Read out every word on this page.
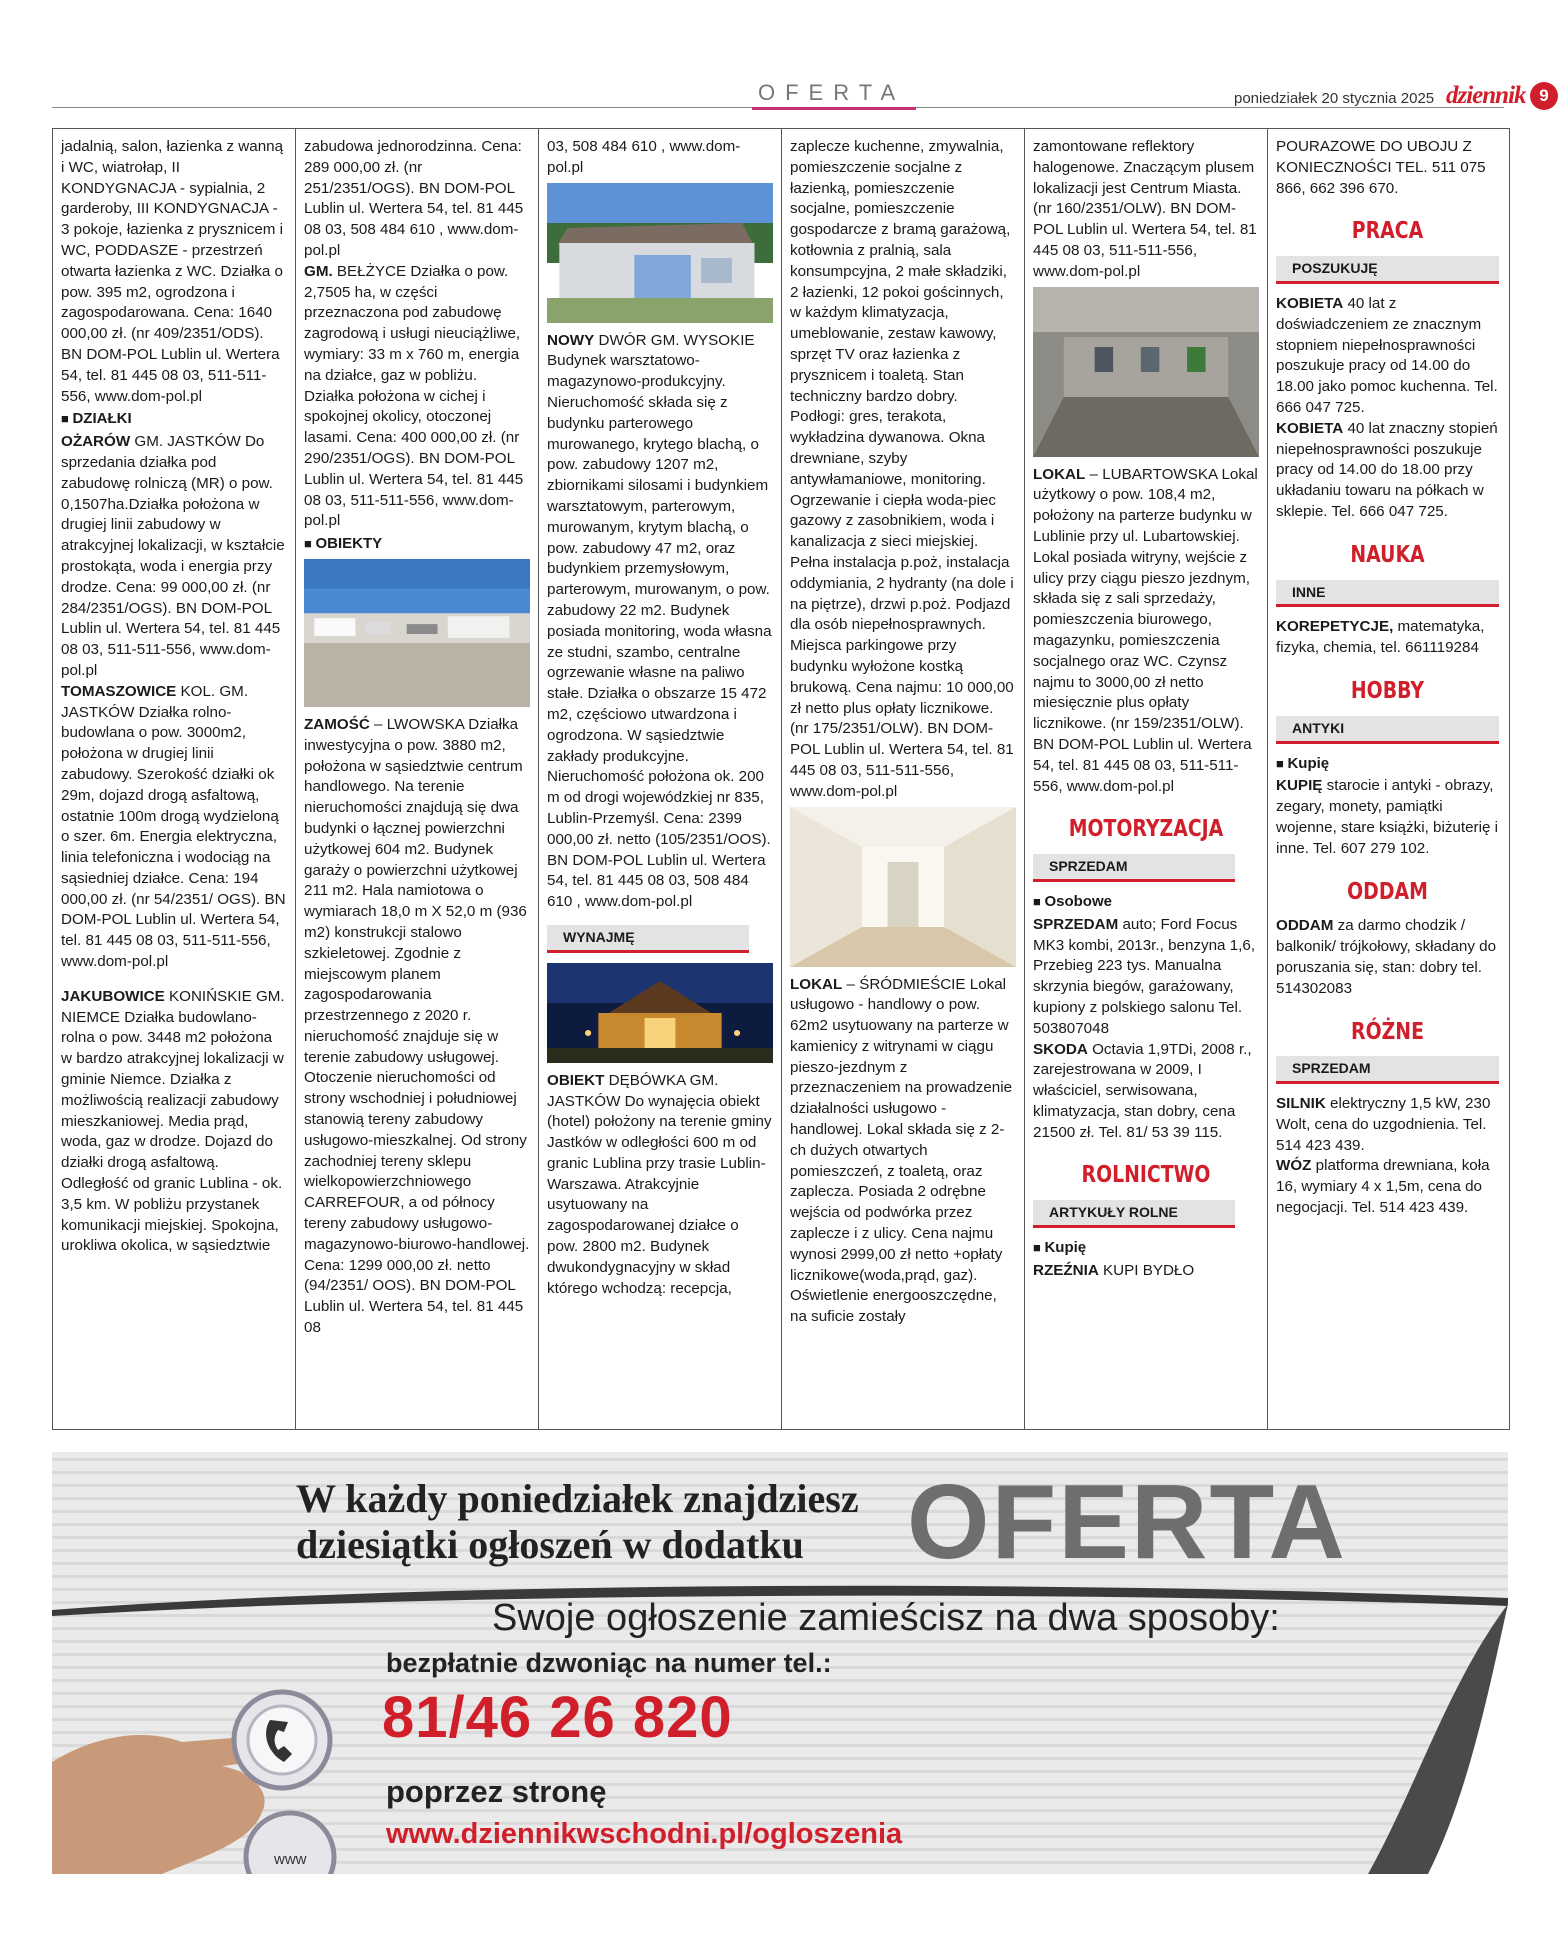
OFERTA	poniedziałek 20 stycznia 2025 dziennik 9

jadalnią, salon, łazienka z wanną i WC, wiatrołap, II KONDYGNACJA - sypialnia, 2 garderoby, III KONDYGNACJA - 3 pokoje, łazienka z prysznicem i WC, PODDASZE - przestrzeń otwarta łazienka z WC. Działka o pow. 395 m2, ogrodzona i zagospodarowana. Cena: 1640 000,00 zł. (nr 409/2351/ODS). BN DOM-POL Lublin ul. Wertera 54, tel. 81 445 08 03, 511-511-556, www.dom-pol.pl

■ DZIAŁKI

OŻARÓW GM. JASTKÓW Do sprzedania działka pod zabudowę rolniczą (MR) o pow. 0,1507ha.Działka położona w drugiej linii zabudowy w atrakcyjnej lokalizacji, w kształcie prostokąta, woda i energia przy drodze. Cena: 99 000,00 zł. (nr 284/2351/OGS). BN DOM-POL Lublin ul. Wertera 54, tel. 81 445 08 03, 511-511-556, www.dom-pol.pl

TOMASZOWICE KOL. GM. JASTKÓW Działka rolno-budowlana o pow. 3000m2, położona w drugiej linii zabudowy. Szerokość działki ok 29m, dojazd drogą asfaltową, ostatnie 100m drogą wydzieloną o szer. 6m. Energia elektryczna, linia telefoniczna i wodociąg na sąsiedniej działce. Cena: 194 000,00 zł. (nr 54/2351/ OGS). BN DOM-POL Lublin ul. Wertera 54, tel. 81 445 08 03, 511-511-556, www.dom-pol.pl

JAKUBOWICE KONIŃSKIE GM. NIEMCE Działka budowlano-rolna o pow. 3448 m2 położona w bardzo atrakcyjnej lokalizacji w gminie Niemce. Działka z możliwością realizacji zabudowy mieszkaniowej. Media prąd, woda, gaz w drodze. Dojazd do działki drogą asfaltową. Odległość od granic Lublina - ok. 3,5 km. W pobliżu przystanek komunikacji miejskiej. Spokojna, urokliwa okolica, w sąsiedztwie

zabudowa jednorodzinna. Cena: 289 000,00 zł. (nr 251/2351/OGS). BN DOM-POL Lublin ul. Wertera 54, tel. 81 445 08 03, 508 484 610 , www.dom-pol.pl

GM. BEŁŻYCE Działka o pow. 2,7505 ha, w części przeznaczona pod zabudowę zagrodową i usługi nieuciążliwe, wymiary: 33 m x 760 m, energia na działce, gaz w pobliżu. Działka położona w cichej i spokojnej okolicy, otoczonej lasami. Cena: 400 000,00 zł. (nr 290/2351/OGS). BN DOM-POL Lublin ul. Wertera 54, tel. 81 445 08 03, 511-511-556, www.dom-pol.pl

■ OBIEKTY

ZAMOŚĆ – LWOWSKA Działka inwestycyjna o pow. 3880 m2, położona w sąsiedztwie centrum handlowego. Na terenie nieruchomości znajdują się dwa budynki o łącznej powierzchni użytkowej 604 m2. Budynek garaży o powierzchni użytkowej 211 m2. Hala namiotowa o wymiarach 18,0 m X 52,0 m (936 m2) konstrukcji stalowo szkieletowej. Zgodnie z miejscowym planem zagospodarowania przestrzennego z 2020 r. nieruchomość znajduje się w terenie zabudowy usługowej. Otoczenie nieruchomości od strony wschodniej i południowej stanowią tereny zabudowy usługowo-mieszkalnej. Od strony zachodniej tereny sklepu wielkopowierzchniowego CARREFOUR, a od północy tereny zabudowy usługowo-magazynowo-biurowo-handlowej. Cena: 1299 000,00 zł. netto (94/2351/ OOS). BN DOM-POL Lublin ul. Wertera 54, tel. 81 445 08

03, 508 484 610 , www.dom-pol.pl

NOWY DWÓR GM. WYSOKIE Budynek warsztatowo-magazynowo-produkcyjny. Nieruchomość składa się z budynku parterowego murowanego, krytego blachą, o pow. zabudowy 1207 m2, zbiornikami silosami i budynkiem warsztatowym, parterowym, murowanym, krytym blachą, o pow. zabudowy 47 m2, oraz budynkiem przemysłowym, parterowym, murowanym, o pow. zabudowy 22 m2. Budynek posiada monitoring, woda własna ze studni, szambo, centralne ogrzewanie własne na paliwo stałe. Działka o obszarze 15 472 m2, częściowo utwardzona i ogrodzona. W sąsiedztwie zakłady produkcyjne. Nieruchomość położona ok. 200 m od drogi wojewódzkiej nr 835, Lublin-Przemyśl. Cena: 2399 000,00 zł. netto (105/2351/OOS). BN DOM-POL Lublin ul. Wertera 54, tel. 81 445 08 03, 508 484 610 , www.dom-pol.pl

WYNAJMĘ

OBIEKT DĘBÓWKA GM. JASTKÓW Do wynajęcia obiekt (hotel) położony na terenie gminy Jastków w odległości 600 m od granic Lublina przy trasie Lublin-Warszawa. Atrakcyjnie usytuowany na zagospodarowanej działce o pow. 2800 m2. Budynek dwukondygnacyjny w skład którego wchodzą: recepcja,

zaplecze kuchenne, zmywalnia, pomieszczenie socjalne z łazienką, pomieszczenie socjalne, pomieszczenie gospodarcze z bramą garażową, kotłownia z pralnią, sala konsumpcyjna, 2 małe składziki, 2 łazienki, 12 pokoi gościnnych, w każdym klimatyzacja, umeblowanie, zestaw kawowy, sprzęt TV oraz łazienka z prysznicem i toaletą. Stan techniczny bardzo dobry. Podłogi: gres, terakota, wykładzina dywanowa. Okna drewniane, szyby antywłamaniowe, monitoring. Ogrzewanie i ciepła woda-piec gazowy z zasobnikiem, woda i kanalizacja z sieci miejskiej. Pełna instalacja p.poż, instalacja oddymiania, 2 hydranty (na dole i na piętrze), drzwi p.poż. Podjazd dla osób niepełnosprawnych. Miejsca parkingowe przy budynku wyłożone kostką brukową. Cena najmu: 10 000,00 zł netto plus opłaty licznikowe. (nr 175/2351/OLW). BN DOM-POL Lublin ul. Wertera 54, tel. 81 445 08 03, 511-511-556, www.dom-pol.pl

LOKAL – ŚRÓDMIEŚCIE Lokal usługowo - handlowy o pow. 62m2 usytuowany na parterze w kamienicy z witrynami w ciągu pieszo-jezdnym z przeznaczeniem na prowadzenie działalności usługowo - handlowej. Lokal składa się z 2-ch dużych otwartych pomieszczeń, z toaletą, oraz zaplecza. Posiada 2 odrębne wejścia od podwórka przez zaplecze i z ulicy. Cena najmu wynosi 2999,00 zł netto +opłaty licznikowe(woda,prąd, gaz). Oświetlenie energooszczędne, na suficie zostały

zamontowane reflektory halogenowe. Znaczącym plusem lokalizacji jest Centrum Miasta. (nr 160/2351/OLW). BN DOM-POL Lublin ul. Wertera 54, tel. 81 445 08 03, 511-511-556, www.dom-pol.pl

LOKAL – LUBARTOWSKA Lokal użytkowy o pow. 108,4 m2, położony na parterze budynku w Lublinie przy ul. Lubartowskiej. Lokal posiada witryny, wejście z ulicy przy ciągu pieszo jezdnym, składa się z sali sprzedaży, pomieszczenia biurowego, magazynku, pomieszczenia socjalnego oraz WC. Czynsz najmu to 3000,00 zł netto miesięcznie plus opłaty licznikowe. (nr 159/2351/OLW). BN DOM-POL Lublin ul. Wertera 54, tel. 81 445 08 03, 511-511-556, www.dom-pol.pl

MOTORYZACJA
SPRZEDAM
■ Osobowe

SPRZEDAM auto; Ford Focus MK3 kombi, 2013r., benzyna 1,6, Przebieg 223 tys. Manualna skrzynia biegów, garażowany, kupiony z polskiego salonu Tel. 503807048

SKODA Octavia 1,9TDi, 2008 r., zarejestrowana w 2009, I właściciel, serwisowana, klimatyzacja, stan dobry, cena 21500 zł. Tel. 81/ 53 39 115.

ROLNICTWO
ARTYKUŁY ROLNE
■ Kupię

RZEŹNIA KUPI BYDŁO

POURAZOWE DO UBOJU Z KONIECZNOŚCI TEL. 511 075 866, 662 396 670.

PRACA
POSZUKUJĘ

KOBIETA 40 lat z doświadczeniem ze znacznym stopniem niepełnosprawności poszukuje pracy od 14.00 do 18.00 jako pomoc kuchenna. Tel. 666 047 725.

KOBIETA 40 lat znaczny stopień niepełnosprawności poszukuje pracy od 14.00 do 18.00 przy układaniu towaru na półkach w sklepie. Tel. 666 047 725.

NAUKA
INNE

KOREPETYCJE, matematyka, fizyka, chemia, tel. 661119284

HOBBY
ANTYKI
■ Kupię

KUPIĘ starocie i antyki - obrazy, zegary, monety, pamiątki wojenne, stare książki, biżuterię i inne. Tel. 607 279 102.

ODDAM

ODDAM za darmo chodzik / balkonik/ trójkołowy, składany do poruszania się, stan: dobry tel. 514302083

RÓŻNE
SPRZEDAM

SILNIK elektryczny 1,5 kW, 230 Wolt, cena do uzgodnienia. Tel. 514 423 439.

WÓZ platforma drewniana, koła 16, wymiary 4 x 1,5m, cena do negocjacji. Tel. 514 423 439.

W każdy poniedziałek znajdziesz
dziesiątki ogłoszeń w dodatku OFERTA
Swoje ogłoszenie zamieścisz na dwa sposoby:
bezpłatnie dzwoniąc na numer tel.:
81/46 26 820
poprzez stronę
www.dziennikwschodni.pl/ogloszenia
www
